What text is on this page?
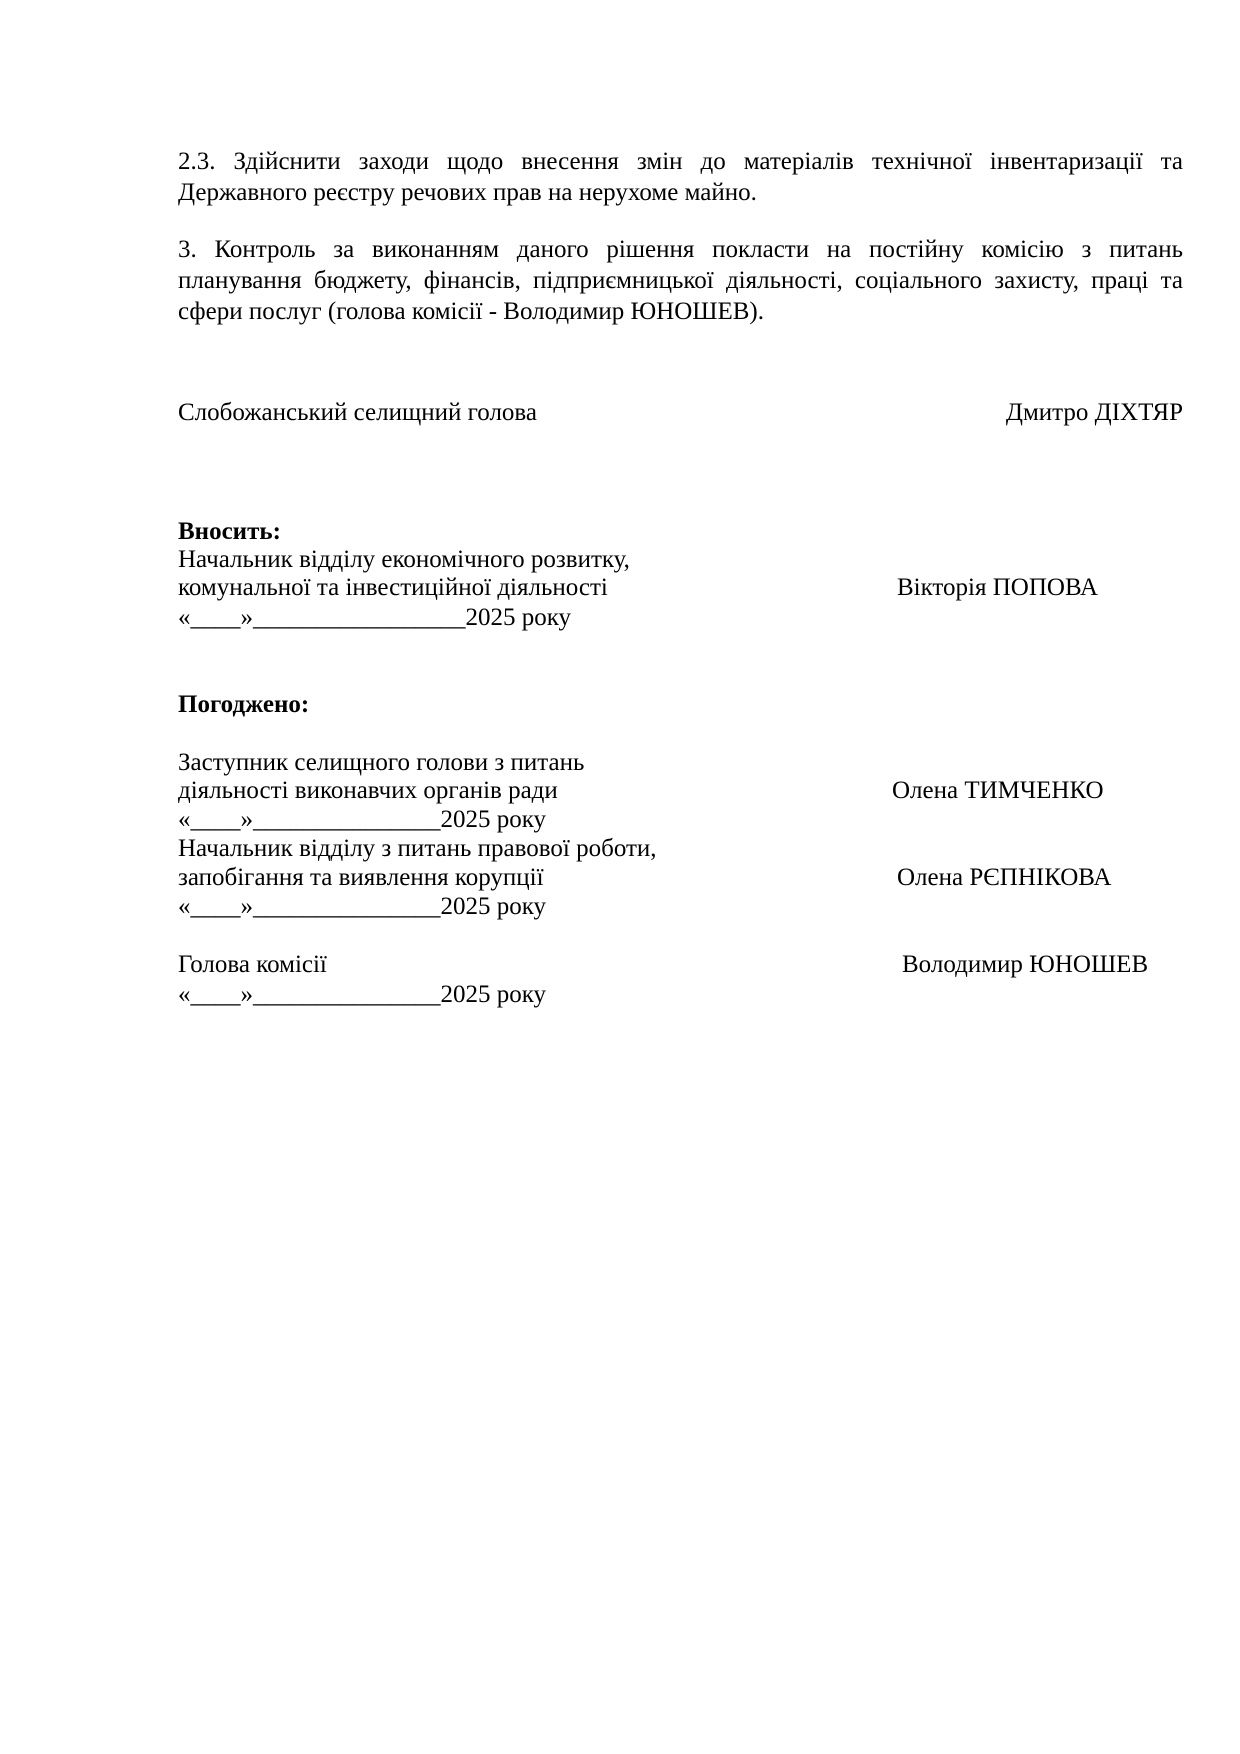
2.3. Здійснити заходи щодо внесення змін до матеріалів технічної інвентаризації та Державного реєстру речових прав на нерухоме майно.
3. Контроль за виконанням даного рішення покласти на постійну комісію з питань планування бюджету, фінансів, підприємницької діяльності, соціального захисту, праці та сфери послуг (голова комісії - Володимир ЮНОШЕВ).
Слобожанський селищний голова	Дмитро ДІХТЯР
Вносить:
Начальник відділу економічного розвитку,
комунальної та інвестиційної діяльності	Вікторія ПОПОВА
«____»_________________2025 року
Погоджено:
Заступник селищного голови з питань
діяльності виконавчих органів ради	Олена ТИМЧЕНКО
«____»_______________2025 року
Начальник відділу з питань правової роботи,
запобігання та виявлення корупції	Олена РЄПНІКОВА
«____»_______________2025 року
Голова комісії	Володимир ЮНОШЕВ
«____»_______________2025 року
